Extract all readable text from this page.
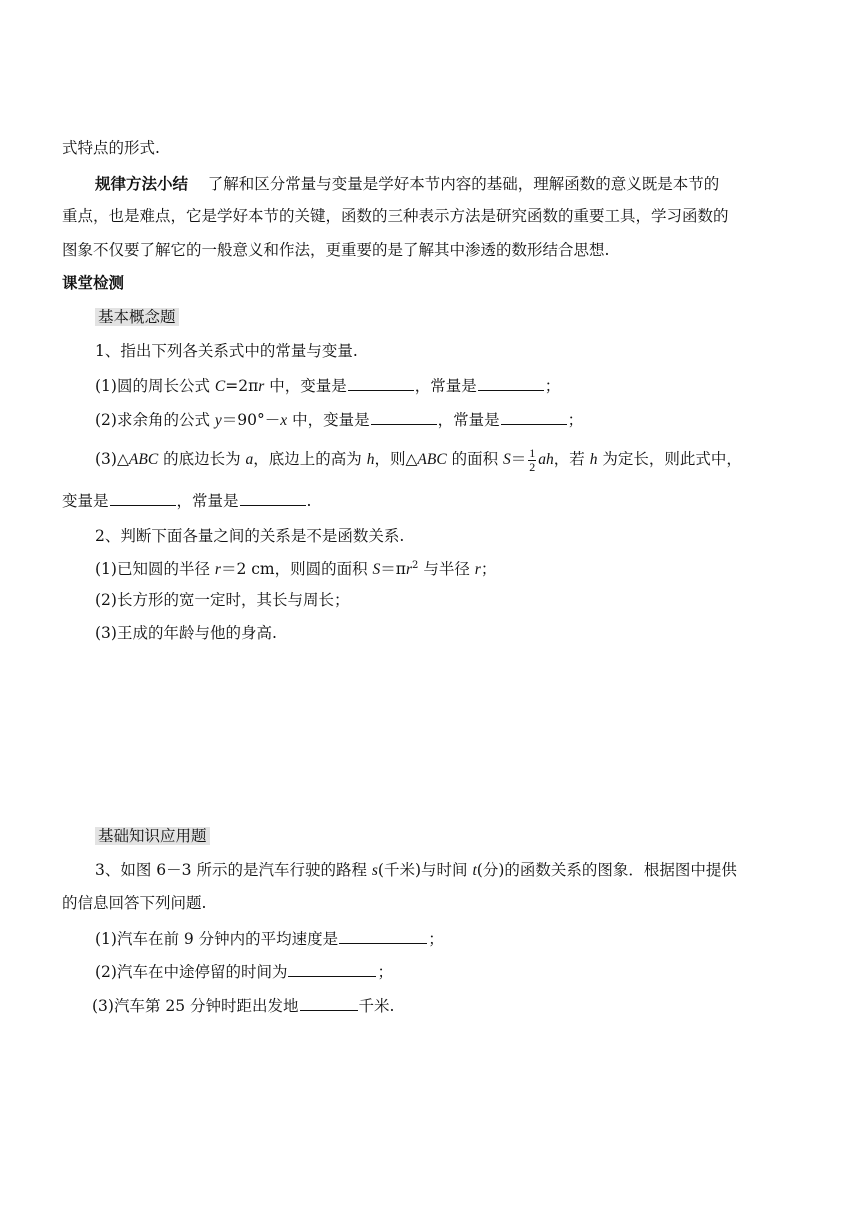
式特点的形式.
规律方法小结 了解和区分常量与变量是学好本节内容的基础，理解函数的意义既是本节的
重点，也是难点，它是学好本节的关键，函数的三种表示方法是研究函数的重要工具，学习函数的
图象不仅要了解它的一般意义和作法，更重要的是了解其中渗透的数形结合思想.
课堂检测
基本概念题
1、指出下列各关系式中的常量与变量.
(1)圆的周长公式 C=2πr 中，变量是	，常量是	；
(2)求余角的公式 y＝90°－x 中，变量是	，常量是	；
(3)△ABC 的底边长为 a，底边上的高为 h，则△ABC 的面积 $S= \frac{1}{2}$ ah，若 h 为定长，则此式中，
变量是	，常量是	.
2、判断下面各量之间的关系是不是函数关系.
(1)已知圆的半径 r＝2 cm，则圆的面积 $S=\pi r^2$ 与半径 r；
(2)长方形的宽一定时，其长与周长；
(3)王成的年龄与他的身高.
基础知识应用题
3、如图 6－3 所示的是汽车行驶的路程 s(千米)与时间 t(分)的函数关系的图象．根据图中提供
的信息回答下列问题.
(1)汽车在前 9 分钟内的平均速度是	；
(2)汽车在中途停留的时间为	；
(3)汽车第 25 分钟时距出发地	千米.
